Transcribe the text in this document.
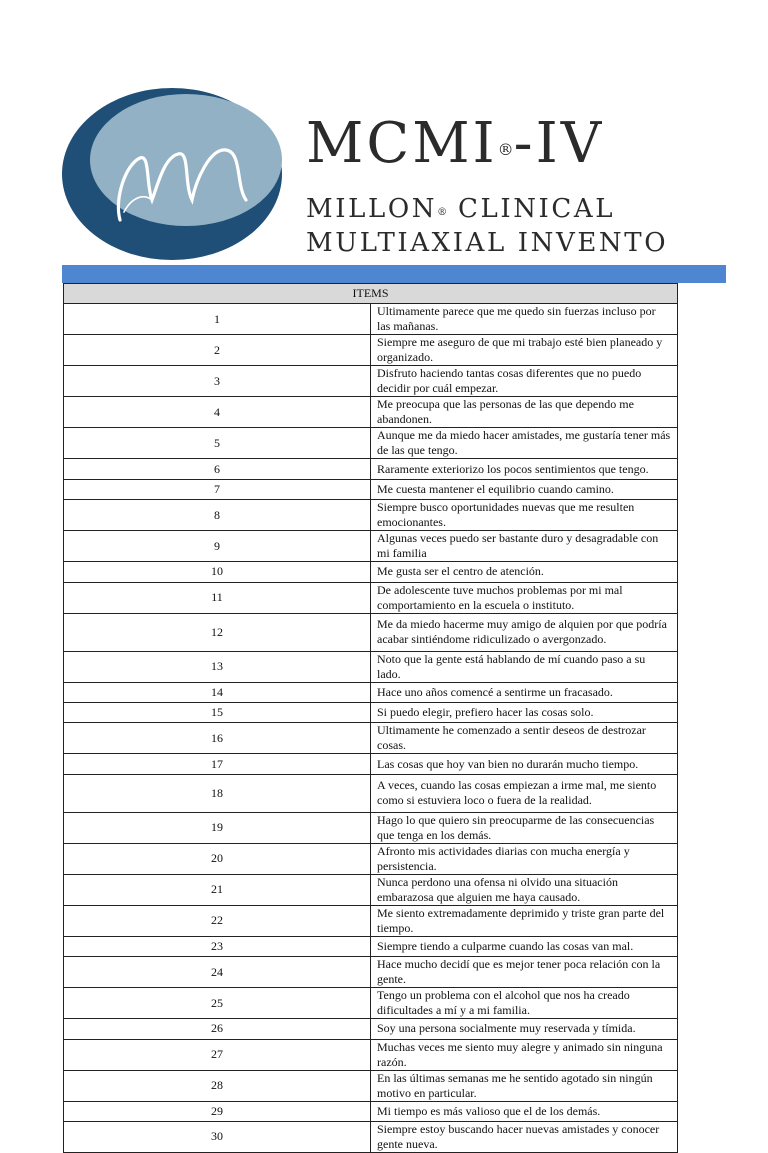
MCMI®-IV
MILLON® CLINICAL
MULTIAXIAL INVENTO
ITEMS	
1	Ultimamente parece que me quedo sin fuerzas incluso por las mañanas.
2	Siempre me aseguro de que mi trabajo esté bien planeado y organizado.
3	Disfruto haciendo tantas cosas diferentes que no puedo decidir por cuál empezar.
4	Me preocupa que las personas de las que dependo me abandonen.
5	Aunque me da miedo hacer amistades, me gustaría tener más de las que tengo.
6	Raramente exteriorizo los pocos sentimientos que tengo.
7	Me cuesta mantener el equilibrio cuando camino.
8	Siempre busco oportunidades nuevas que me resulten emocionantes.
9	Algunas veces puedo ser bastante duro y desagradable con mi familia
10	Me gusta ser el centro de atención.
11	De adolescente tuve muchos problemas por mi mal comportamiento en la escuela o instituto.
12	Me da miedo hacerme muy amigo de alquien por que podría acabar sintiéndome ridiculizado o avergonzado.
13	Noto que la gente está hablando de mí cuando paso a su lado.
14	Hace uno años comencé a sentirme un fracasado.
15	Si puedo elegir, prefiero hacer las cosas solo.
16	Ultimamente he comenzado a sentir deseos de destrozar cosas.
17	Las cosas que hoy van bien no durarán mucho tiempo.
18	A veces, cuando las cosas empiezan a irme mal, me siento como si estuviera loco o fuera de la realidad.
19	Hago lo que quiero sin preocuparme de las consecuencias que tenga en los demás.
20	Afronto mis actividades diarias con mucha energía y persistencia.
21	Nunca perdono una ofensa ni olvido una situación embarazosa que alguien me haya causado.
22	Me siento extremadamente deprimido y triste gran parte del tiempo.
23	Siempre tiendo a culparme cuando las cosas van mal.
24	Hace mucho decidí que es mejor tener poca relación con la gente.
25	Tengo un problema con el alcohol que nos ha creado dificultades a mí y a mi familia.
26	Soy una persona socialmente muy reservada y tímida.
27	Muchas veces me siento muy alegre y animado sin ninguna razón.
28	En las últimas semanas me he sentido agotado sin ningún motivo en particular.
29	Mi tiempo es más valioso que el de los demás.
30	Siempre estoy buscando hacer nuevas amistades y conocer gente nueva.
